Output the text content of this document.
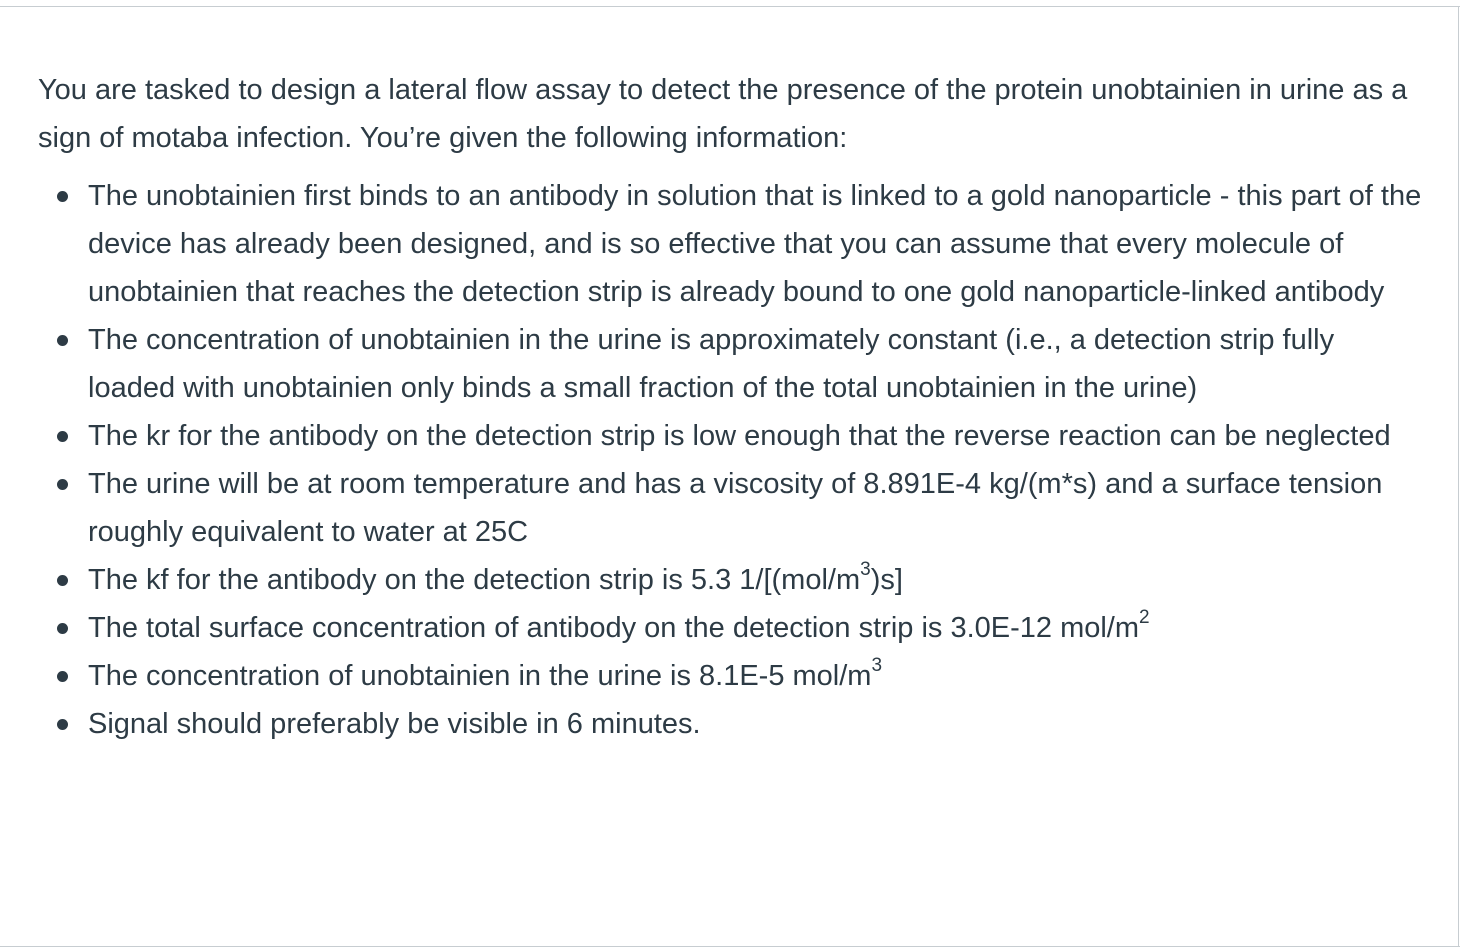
You are tasked to design a lateral flow assay to detect the presence of the protein unobtainien in urine as a sign of motaba infection. You’re given the following information:

The unobtainien first binds to an antibody in solution that is linked to a gold nanoparticle - this part of the device has already been designed, and is so effective that you can assume that every molecule of unobtainien that reaches the detection strip is already bound to one gold nanoparticle-linked antibody
The concentration of unobtainien in the urine is approximately constant (i.e., a detection strip fully loaded with unobtainien only binds a small fraction of the total unobtainien in the urine)
The kr for the antibody on the detection strip is low enough that the reverse reaction can be neglected
The urine will be at room temperature and has a viscosity of 8.891E-4 kg/(m*s) and a surface tension roughly equivalent to water at 25C
The kf for the antibody on the detection strip is 5.3 $1/[(mol/m^3)s]$
The total surface concentration of antibody on the detection strip is 3.0E-12 mol/$m^2$
The concentration of unobtainien in the urine is 8.1E-5 mol/$m^3$
Signal should preferably be visible in 6 minutes.
